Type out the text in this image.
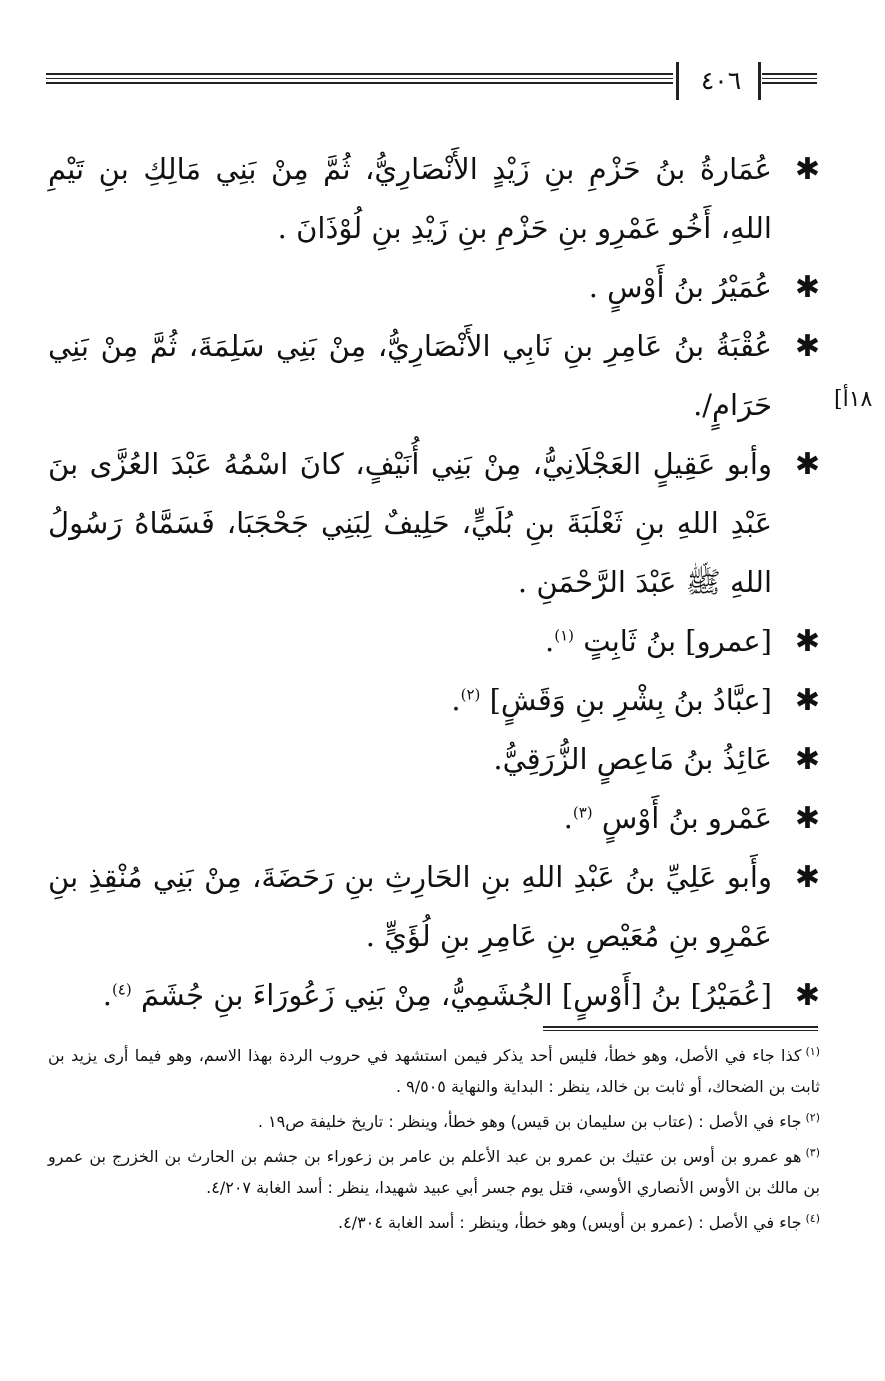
٤٠٦
١٨أ]
✱
عُمَارةُ بنُ حَزْمِ بنِ زَيْدٍ الأَنْصَارِيُّ، ثُمَّ مِنْ بَنِي مَالِكِ بنِ تَيْمِ اللهِ، أَخُو عَمْرِو بنِ حَزْمِ بنِ زَيْدِ بنِ لُوْذَانَ .
✱
عُمَيْرُ بنُ أَوْسٍ .
✱
عُقْبَةُ بنُ عَامِرِ بنِ نَابِي الأَنْصَارِيُّ، مِنْ بَنِي سَلِمَةَ، ثُمَّ مِنْ بَنِي حَرَامٍ/.
✱
وأبو عَقِيلٍ العَجْلَانِيُّ، مِنْ بَنِي أُنَيْفٍ، كانَ اسْمُهُ عَبْدَ العُزَّى بنَ عَبْدِ اللهِ بنِ ثَعْلَبَةَ بنِ بُلَيٍّ، حَلِيفٌ لِبَنِي جَحْجَبَا، فَسَمَّاهُ رَسُولُ اللهِ ﷺ عَبْدَ الرَّحْمَنِ .
✱
[عمرو] بنُ ثَابِتٍ $^{(١)}$.
✱
[عبَّادُ بنُ بِشْرِ بنِ وَقَشٍ] $^{(٢)}$.
✱
عَائِذُ بنُ مَاعِصٍ الزُّرَقِيُّ.
✱
عَمْرو بنُ أَوْسٍ $^{(٣)}$.
✱
وأَبو عَلِيِّ بنُ عَبْدِ اللهِ بنِ الحَارِثِ بنِ رَحَضَةَ، مِنْ بَنِي مُنْقِذِ بنِ عَمْرِو بنِ مُعَيْصِ بنِ عَامِرِ بنِ لُؤَيٍّ .
✱
[عُمَيْرُ] بنُ [أَوْسٍ] الجُشَمِيُّ، مِنْ بَنِي زَعُورَاءَ بنِ جُشَمَ $^{(٤)}$.
$^{(١)}$كذا جاء في الأصل، وهو خطأ، فليس أحد يذكر فيمن استشهد في حروب الردة بهذا الاسم، وهو فيما أرى يزيد بن ثابت بن الضحاك، أو ثابت بن خالد، ينظر : البداية والنهاية ٩/٥٠٥ .
$^{(٢)}$جاء في الأصل : (عتاب بن سليمان بن قيس) وهو خطأ، وينظر : تاريخ خليفة ص١٩ .
$^{(٣)}$هو عمرو بن أوس بن عتيك بن عمرو بن عبد الأعلم بن عامر بن زعوراء بن جشم بن الحارث بن الخزرج بن عمرو بن مالك بن الأوس الأنصاري الأوسي، قتل يوم جسر أبي عبيد شهيدا، ينظر : أسد الغابة ٤/٢٠٧.
$^{(٤)}$جاء في الأصل : (عمرو بن أويس) وهو خطأ، وينظر : أسد الغابة ٤/٣٠٤.
